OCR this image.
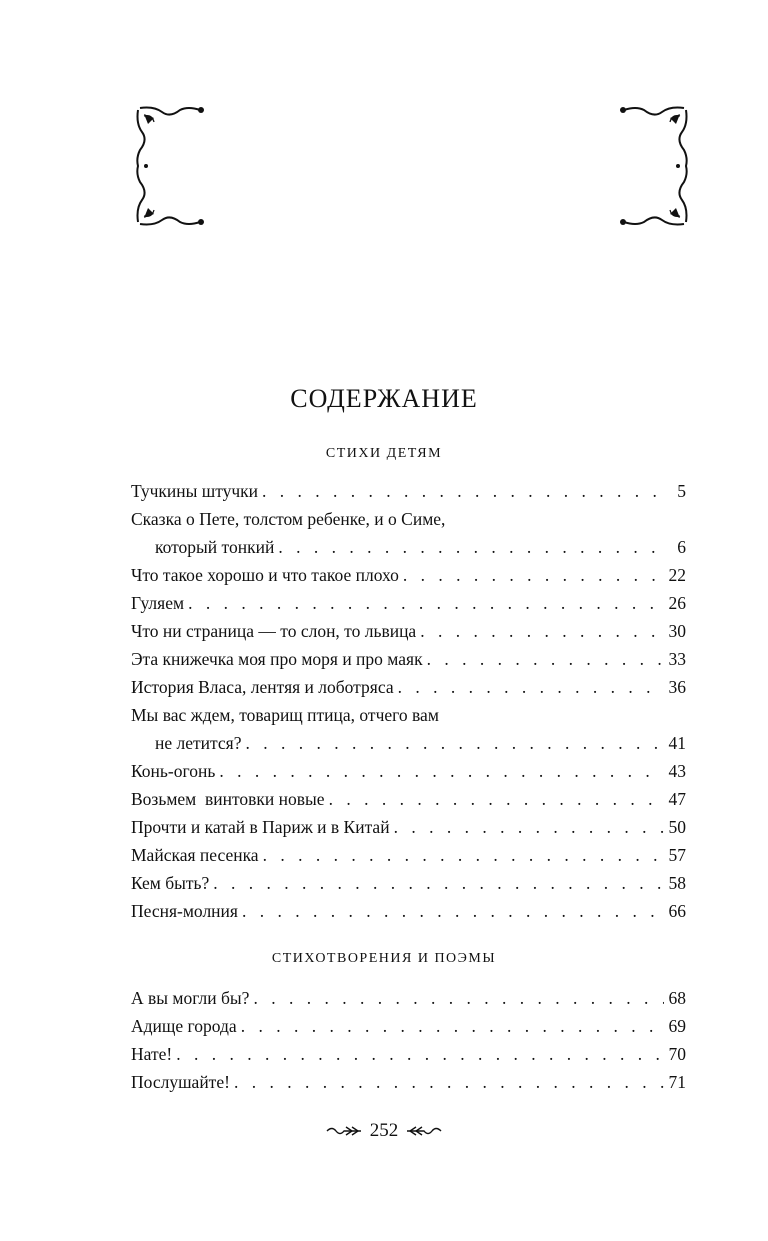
СОДЕРЖАНИЕ
СТИХИ ДЕТЯМ
Тучкины штучки . . .	5
Сказка о Пете, толстом ребенке, и о Симе,
который тонкий . . .	6
Что такое хорошо и что такое плохо . . .	22
Гуляем . . .	26
Что ни страница — то слон, то львица . . .	30
Эта книжечка моя про моря и про маяк . . .	33
История Власа, лентяя и лоботряса . . .	36
Мы вас ждем, товарищ птица, отчего вам
не летится? . . .	41
Конь-огонь . . .	43
Возьмем  винтовки новые . . .	47
Прочти и катай в Париж и в Китай . . .	50
Майская песенка . . .	57
Кем быть? . . .	58
Песня-молния . . .	66
СТИХОТВОРЕНИЯ И ПОЭМЫ
А вы могли бы? . . .	68
Адище города . . .	69
Нате! . . .	70
Послушайте! . . .	71
252
